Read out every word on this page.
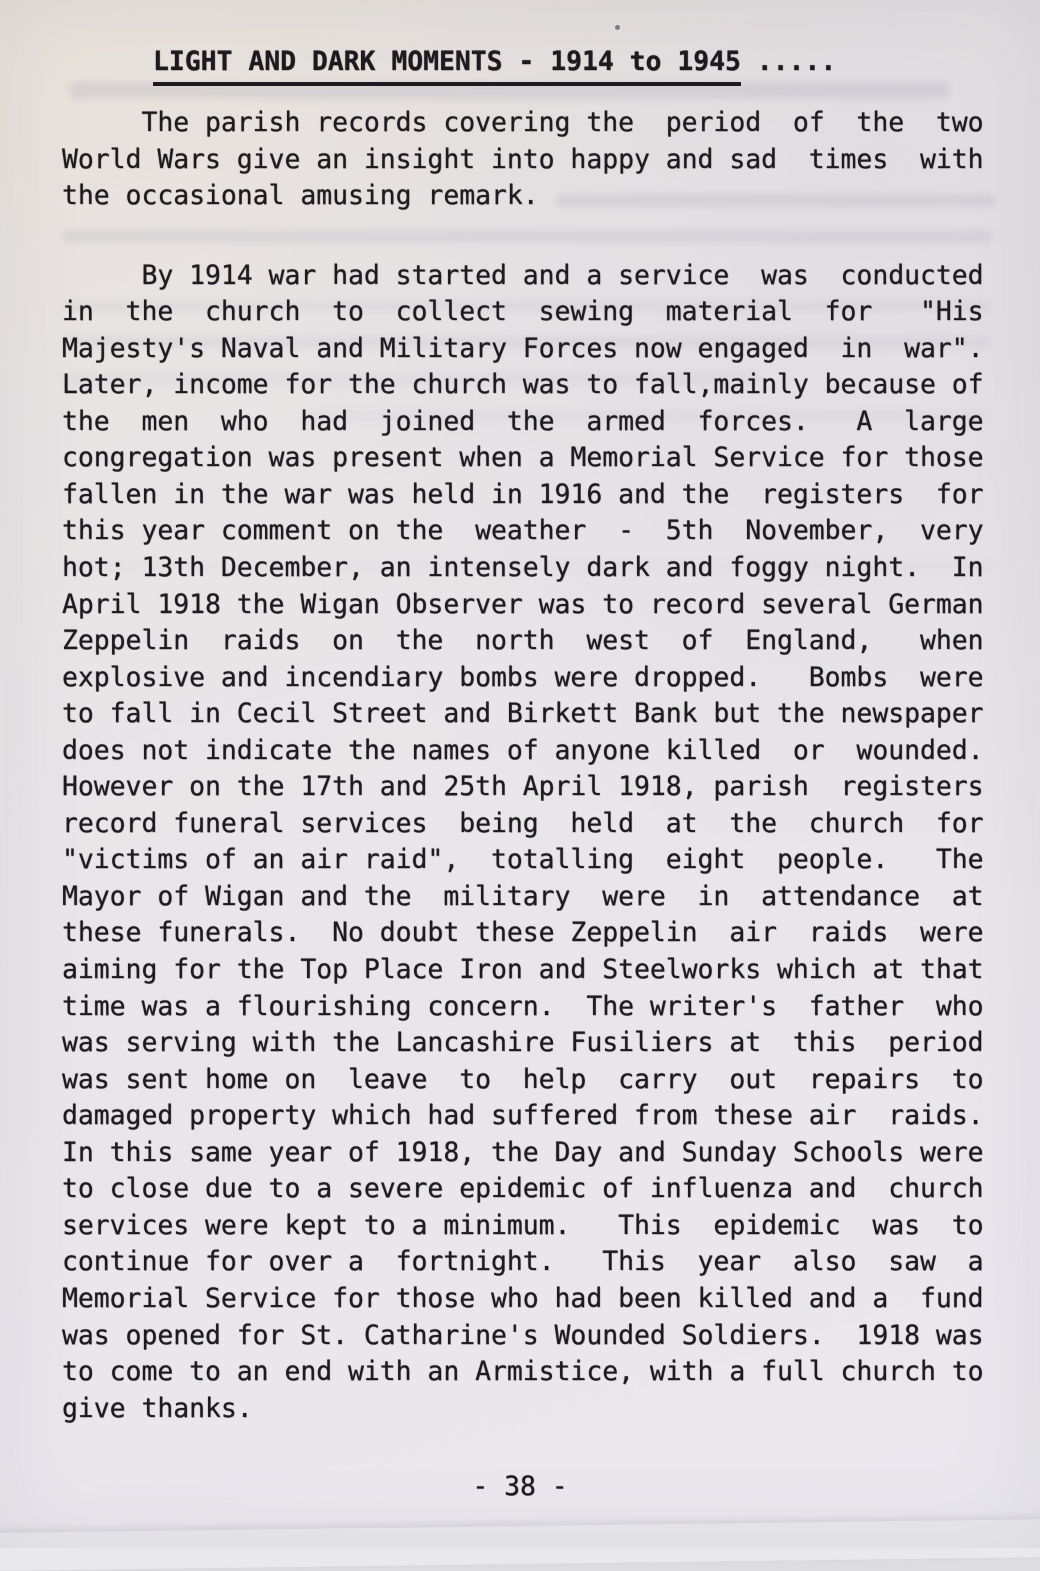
LIGHT AND DARK MOMENTS - 1914 to 1945 .....
The parish records covering the  period  of  the  two
World Wars give an insight into happy and sad  times  with
the occasional amusing remark.
By 1914 war had started and a service  was  conducted
in  the  church  to  collect  sewing  material  for   "His
Majesty's Naval and Military Forces now engaged  in  war".
Later, income for the church was to fall,mainly because of
the  men  who  had  joined  the  armed  forces.   A  large
congregation was present when a Memorial Service for those
fallen in the war was held in 1916 and the  registers  for
this year comment on the  weather  -  5th  November,  very
hot; 13th December, an intensely dark and foggy night.  In
April 1918 the Wigan Observer was to record several German
Zeppelin  raids  on  the  north  west  of  England,   when
explosive and incendiary bombs were dropped.   Bombs  were
to fall in Cecil Street and Birkett Bank but the newspaper
does not indicate the names of anyone killed  or  wounded.
However on the 17th and 25th April 1918, parish  registers
record funeral services  being  held  at  the  church  for
"victims of an air raid",  totalling  eight  people.   The
Mayor of Wigan and the  military  were  in  attendance  at
these funerals.  No doubt these Zeppelin  air  raids  were
aiming for the Top Place Iron and Steelworks which at that
time was a flourishing concern.  The writer's  father  who
was serving with the Lancashire Fusiliers at  this  period
was sent home on  leave  to  help  carry  out  repairs  to
damaged property which had suffered from these air  raids.
In this same year of 1918, the Day and Sunday Schools were
to close due to a severe epidemic of influenza and  church
services were kept to a minimum.   This  epidemic  was  to
continue for over a  fortnight.   This  year  also  saw  a
Memorial Service for those who had been killed and a  fund
was opened for St. Catharine's Wounded Soldiers.  1918 was
to come to an end with an Armistice, with a full church to
give thanks.
- 38 -
